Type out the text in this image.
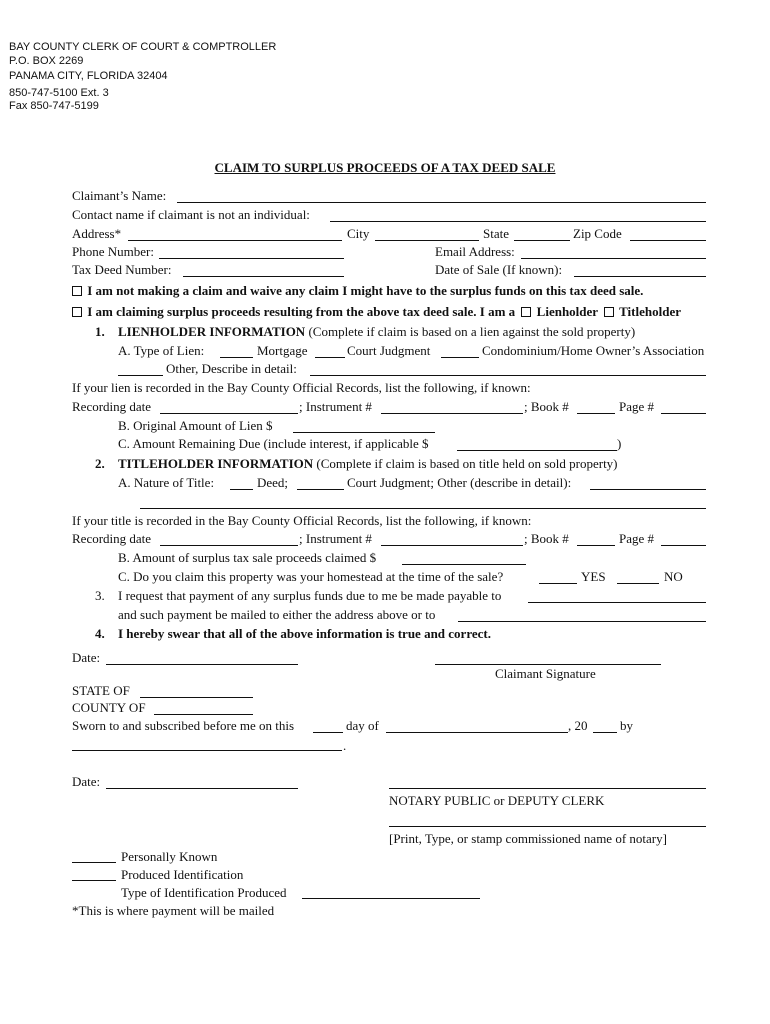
BAY COUNTY CLERK OF COURT & COMPTROLLER
P.O. BOX 2269
PANAMA CITY, FLORIDA 32404
850-747-5100 Ext. 3
Fax 850-747-5199
CLAIM TO SURPLUS PROCEEDS OF A TAX DEED SALE
Claimant’s Name:
Contact name if claimant is not an individual:
Address*	City	State	Zip Code
Phone Number:	Email Address:
Tax Deed Number:	Date of Sale (If known):
I am not making a claim and waive any claim I might have to the surplus funds on this tax deed sale.
I am claiming surplus proceeds resulting from the above tax deed sale. I am a Lienholder Titleholder
1. LIENHOLDER INFORMATION (Complete if claim is based on a lien against the sold property)
A. Type of Lien:	Mortgage	Court Judgment	Condominium/Home Owner’s Association
Other, Describe in detail:
If your lien is recorded in the Bay County Official Records, list the following, if known:
Recording date	; Instrument #	; Book #	Page #
B. Original Amount of Lien $
C. Amount Remaining Due (include interest, if applicable $	)
2. TITLEHOLDER INFORMATION (Complete if claim is based on title held on sold property)
A. Nature of Title:	Deed;	Court Judgment; Other (describe in detail):
If your title is recorded in the Bay County Official Records, list the following, if known:
Recording date	; Instrument #	; Book #	Page #
B. Amount of surplus tax sale proceeds claimed $
C. Do you claim this property was your homestead at the time of the sale?	YES	NO
3. I request that payment of any surplus funds due to me be made payable to
and such payment be mailed to either the address above or to
4. I hereby swear that all of the above information is true and correct.
Date:
Claimant Signature
STATE OF
COUNTY OF
Sworn to and subscribed before me on this	day of	, 20	by
.
Date:
NOTARY PUBLIC or DEPUTY CLERK
[Print, Type, or stamp commissioned name of notary]
Personally Known
Produced Identification
Type of Identification Produced
*This is where payment will be mailed
